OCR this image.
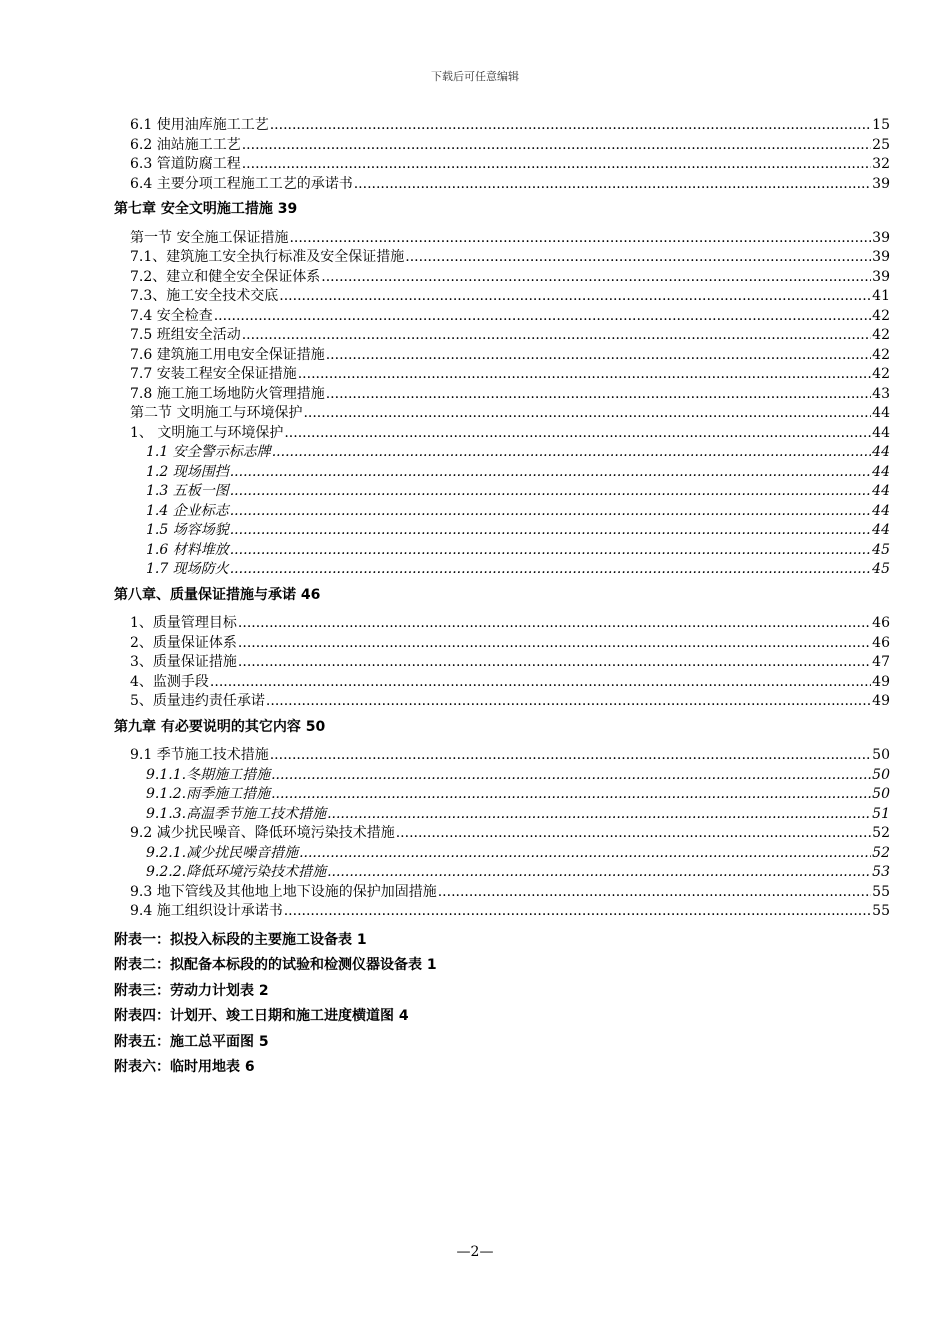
下载后可任意编辑
6.1 使用油库施工工艺 .....	15
6.2 油站施工工艺 .....	25
6.3 管道防腐工程 .....	32
6.4 主要分项工程施工工艺的承诺书 .....	39
第七章 安全文明施工措施 39
第一节 安全施工保证措施 .....	39
7.1、建筑施工安全执行标准及安全保证措施 .....	39
7.2、建立和健全安全保证体系 .....	39
7.3、施工安全技术交底 .....	41
7.4 安全检查 .....	42
7.5 班组安全活动 .....	42
7.6 建筑施工用电安全保证措施 .....	42
7.7 安装工程安全保证措施 .....	42
7.8 施工施工场地防火管理措施 .....	43
第二节 文明施工与环境保护 .....	44
1、 文明施工与环境保护 .....	44
1.1 安全警示标志牌 .....	44
1.2 现场围挡 .....	44
1.3 五板一图 .....	44
1.4 企业标志 .....	44
1.5 场容场貌 .....	44
1.6 材料堆放 .....	45
1.7 现场防火 .....	45
第八章、质量保证措施与承诺 46
1、质量管理目标 .....	46
2、质量保证体系 .....	46
3、质量保证措施 .....	47
4、监测手段 .....	49
5、质量违约责任承诺 .....	49
第九章 有必要说明的其它内容 50
9.1 季节施工技术措施 .....	50
9.1.1.冬期施工措施 .....	50
9.1.2.雨季施工措施 .....	50
9.1.3.高温季节施工技术措施 .....	51
9.2 减少扰民噪音、降低环境污染技术措施 .....	52
9.2.1.减少扰民噪音措施 .....	52
9.2.2.降低环境污染技术措施 .....	53
9.3 地下管线及其他地上地下设施的保护加固措施 .....	55
9.4 施工组织设计承诺书 .....	55
附表一：拟投入标段的主要施工设备表 1
附表二：拟配备本标段的的试验和检测仪器设备表 1
附表三：劳动力计划表 2
附表四：计划开、竣工日期和施工进度横道图 4
附表五：施工总平面图 5
附表六：临时用地表 6
—2—
